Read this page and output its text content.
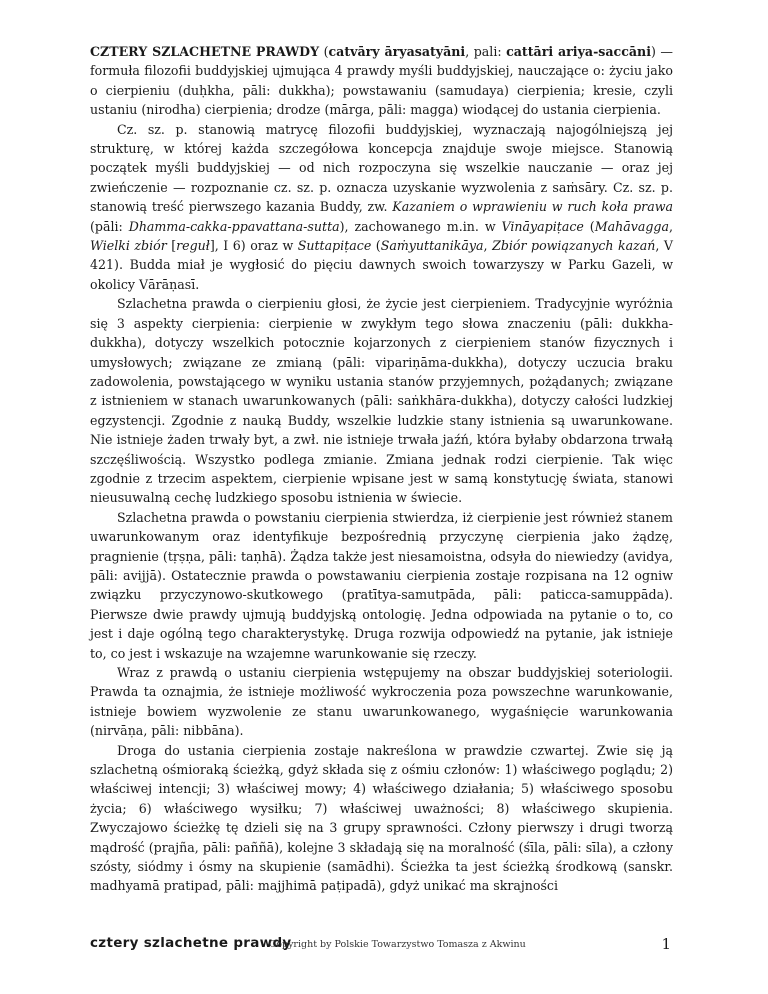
CZTERY SZLACHETNE PRAWDY (catvāry āryasatyāni, pali: cattāri ariya-saccāni) — formuła filozofii buddyjskiej ujmująca 4 prawdy myśli buddyjskiej, nauczające o: życiu jako o cierpieniu (duḥkha, pāli: dukkha); powstawaniu (samudaya) cierpienia; kresie, czyli ustaniu (nirodha) cierpienia; drodze (mārga, pāli: magga) wiodącej do ustania cierpienia.

Cz. sz. p. stanowią matrycę filozofii buddyjskiej, wyznaczają najogólniejszą jej strukturę, w której każda szczegółowa koncepcja znajduje swoje miejsce. Stanowią początek myśli buddyjskiej — od nich rozpoczyna się wszelkie nauczanie — oraz jej zwieńczenie — rozpoznanie cz. sz. p. oznacza uzyskanie wyzwolenia z saṁsāry. Cz. sz. p. stanowią treść pierwszego kazania Buddy, zw. Kazaniem o wprawieniu w ruch koła prawa (pāli: Dhamma-cakka-ppavattana-sutta), zachowanego m.in. w Vināyapiṭace (Mahāvagga, Wielki zbiór [reguł], I 6) oraz w Suttapiṭace (Saṁyuttanikāya, Zbiór powiązanych kazań, V 421). Budda miał je wygłosić do pięciu dawnych swoich towarzyszy w Parku Gazeli, w okolicy Vārāṇasī.

Szlachetna prawda o cierpieniu głosi, że życie jest cierpieniem. Tradycyjnie wyróżnia się 3 aspekty cierpienia: cierpienie w zwykłym tego słowa znaczeniu (pāli: dukkha-dukkha), dotyczy wszelkich potocznie kojarzonych z cierpieniem stanów fizycznych i umysłowych; związane ze zmianą (pāli: vipariṇāma-dukkha), dotyczy uczucia braku zadowolenia, powstającego w wyniku ustania stanów przyjemnych, pożądanych; związane z istnieniem w stanach uwarunkowanych (pāli: saṅkhāra-dukkha), dotyczy całości ludzkiej egzystencji. Zgodnie z nauką Buddy, wszelkie ludzkie stany istnienia są uwarunkowane. Nie istnieje żaden trwały byt, a zwł. nie istnieje trwała jaźń, która byłaby obdarzona trwałą szczęśliwością. Wszystko podlega zmianie. Zmiana jednak rodzi cierpienie. Tak więc zgodnie z trzecim aspektem, cierpienie wpisane jest w samą konstytucję świata, stanowi nieusuwalną cechę ludzkiego sposobu istnienia w świecie.

Szlachetna prawda o powstaniu cierpienia stwierdza, iż cierpienie jest również stanem uwarunkowanym oraz identyfikuje bezpośrednią przyczynę cierpienia jako żądzę, pragnienie (tṛṣṇa, pāli: taṇhā). Żądza także jest niesamoistna, odsyła do niewiedzy (avidya, pāli: avijjā). Ostatecznie prawda o powstawaniu cierpienia zostaje rozpisana na 12 ogniw związku przyczynowo-skutkowego (pratītya-samutpāda, pāli: paticca-samuppāda). Pierwsze dwie prawdy ujmują buddyjską ontologię. Jedna odpowiada na pytanie o to, co jest i daje ogólną tego charakterystykę. Druga rozwija odpowiedź na pytanie, jak istnieje to, co jest i wskazuje na wzajemne warunkowanie się rzeczy.

Wraz z prawdą o ustaniu cierpienia wstępujemy na obszar buddyjskiej soteriologii. Prawda ta oznajmia, że istnieje możliwość wykroczenia poza powszechne warunkowanie, istnieje bowiem wyzwolenie ze stanu uwarunkowanego, wygaśnięcie warunkowania (nirvāṇa, pāli: nibbāna).

Droga do ustania cierpienia zostaje nakreślona w prawdzie czwartej. Zwie się ją szlachetną ośmioraką ścieżką, gdyż składa się z ośmiu członów: 1) właściwego poglądu; 2) właściwej intencji; 3) właściwej mowy; 4) właściwego działania; 5) właściwego sposobu życia; 6) właściwego wysiłku; 7) właściwej uważności; 8) właściwego skupienia. Zwyczajowo ścieżkę tę dzieli się na 3 grupy sprawności. Człony pierwszy i drugi tworzą mądrość (prajña, pāli: paññā), kolejne 3 składają się na moralność (śīla, pāli: sīla), a człony szósty, siódmy i ósmy na skupienie (samādhi). Ścieżka ta jest ścieżką środkową (sanskr. madhyamā pratipad, pāli: majjhimā paṭipadā), gdyż unikać ma skrajności

cztery szlachetne prawdy
Copyright by Polskie Towarzystwo Tomasza z Akwinu	1
